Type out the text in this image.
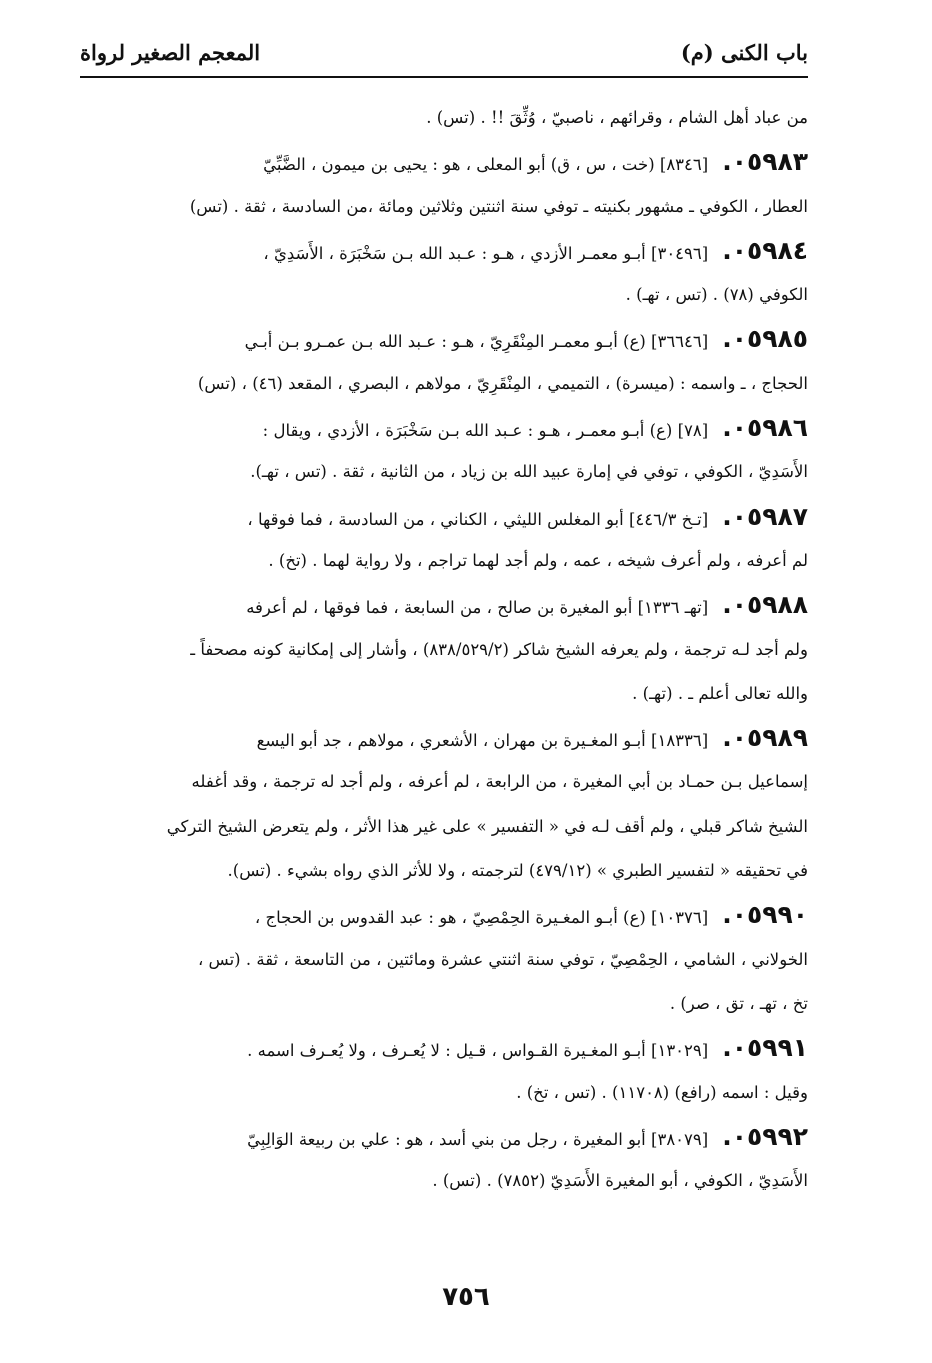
باب الكنى (م)
المعجم الصغير لرواة
من عباد أهل الشام ، وقرائهم ، ناصبيّ ، وُثِّقَ !! . (تس) .
٠٥٩٨٣.[٨٣٤٦] (خت ، س ، ق) أبو المعلى ، هو : يحيى بن ميمون ، الضَّبِّيّ
العطار ، الكوفي ـ مشهور بكنيته ـ توفي سنة اثنتين وثلاثين ومائة ،من السادسة ، ثقة . (تس)
٠٥٩٨٤.[٣٠٤٩٦] أبـو معمـر الأزدي ، هـو : عـبد الله بـن سَخْبَرَة ، الأَسَدِيّ ،
الكوفي (٧٨) . (تس ، تهـ) .
٠٥٩٨٥.[٣٦٦٤٦] (ع) أبـو معمـر المِنْقَرِيّ ، هـو : عـبد الله بـن عمـرو بـن أبـي
الحجاج ، ـ واسمه : (ميسرة) ، التميمي ، المِنْقَرِيّ ، مولاهم ، البصري ، المقعد (٤٦) ، (تس)
٠٥٩٨٦.[٧٨] (ع) أبـو معمـر ، هـو : عـبد الله بـن سَخْبَرَة ، الأزدي ، ويقال :
الأَسَدِيّ ، الكوفي ، توفي في إمارة عبيد الله بن زياد ، من الثانية ، ثقة . (تس ، تهـ).
٠٥٩٨٧.[تـخ ٤٤٦/٣] أبو المغلس الليثي ، الكناني ، من السادسة ، فما فوقها ،
لم أعرفه ، ولم أعرف شيخه ، عمه ، ولم أجد لهما تراجم ، ولا رواية لهما . (تخ) .
٠٥٩٨٨.[تهـ ١٣٣٦] أبو المغيرة بن صالح ، من السابعة ، فما فوقها ، لم أعرفه
ولم أجد لـه ترجمة ، ولم يعرفه الشيخ شاكر (٨٣٨/٥٢٩/٢) ، وأشار إلى إمكانية كونه مصحفاً ـ
والله تعالى أعلم ـ . (تهـ) .
٠٥٩٨٩.[١٨٣٣٦] أبـو المغـيرة بن مهران ، الأشعري ، مولاهم ، جد أبو اليسع
إسماعيل بـن حمـاد بن أبي المغيرة ، من الرابعة ، لم أعرفه ، ولم أجد له ترجمة ، وقد أغفله
الشيخ شاكر قبلي ، ولم أقف لـه في « التفسير » على غير هذا الأثر ، ولم يتعرض الشيخ التركي
في تحقيقه « لتفسير الطبري » (٤٧٩/١٢) لترجمته ، ولا للأثر الذي رواه بشيء . (تس).
٠٥٩٩٠.[١٠٣٧٦] (ع) أبـو المغـيرة الحِمْصِيّ ، هو : عبد القدوس بن الحجاج ،
الخولاني ، الشامي ، الحِمْصِيّ ، توفي سنة اثنتي عشرة ومائتين ، من التاسعة ، ثقة . (تس ،
تخ ، تهـ ، تق ، صر) .
٠٥٩٩١.[١٣٠٢٩] أبـو المغـيرة القـواس ، قـيل : لا يُعـرف ، ولا يُعـرف اسمه .
وقيل : اسمه (رافع) (١١٧٠٨) . (تس ، تخ) .
٠٥٩٩٢.[٣٨٠٧٩] أبو المغيرة ، رجل من بني أسد ، هو : علي بن ربيعة الوَالِبِيّ
الأَسَدِيّ ، الكوفي ، أبو المغيرة الأَسَدِيّ (٧٨٥٢) . (تس) .
٧٥٦
